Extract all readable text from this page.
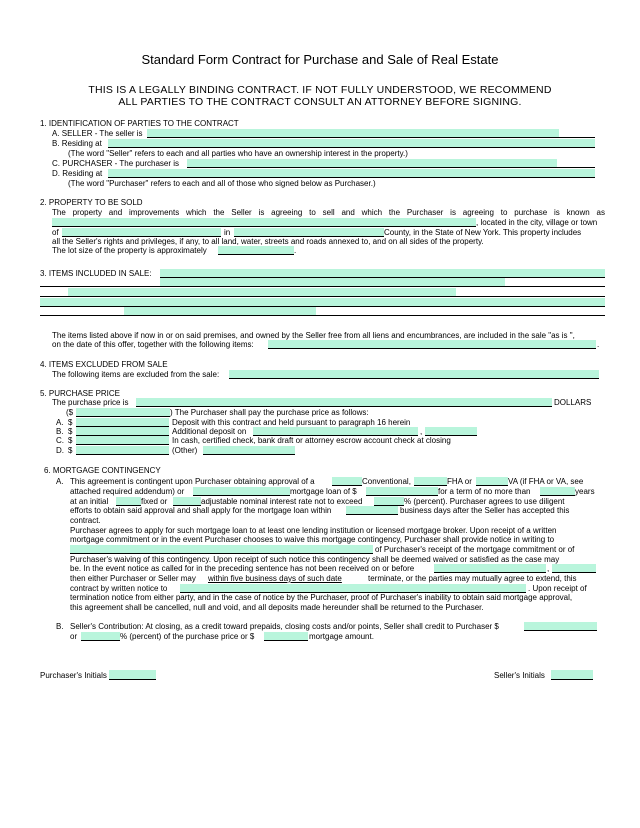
Standard Form Contract for Purchase and Sale of Real Estate
THIS IS A LEGALLY BINDING CONTRACT. IF NOT FULLY UNDERSTOOD, WE RECOMMEND
ALL PARTIES TO THE CONTRACT CONSULT AN ATTORNEY BEFORE SIGNING.
1. IDENTIFICATION OF PARTIES TO THE CONTRACT
A. SELLER - The seller is
B. Residing at
(The word "Seller" refers to each and all parties who have an ownership interest in the property.)
C. PURCHASER - The purchaser is
D. Residing at
(The word "Purchaser" refers to each and all of those who signed below as Purchaser.)
2. PROPERTY TO BE SOLD
The property and improvements which the Seller is agreeing to sell and which the Purchaser is agreeing to purchase is known as
, located in the city, village or town
of	in	County, in the State of New York. This property includes
all the Seller's rights and privileges, if any, to all land, water, streets and roads annexed to, and on all sides of the property.
The lot size of the property is approximately	.
3. ITEMS INCLUDED IN SALE:
The items listed above if now in or on said premises, and owned by the Seller free from all liens and encumbrances, are included in the sale "as is ",
on the date of this offer, together with the following items:	.
4. ITEMS EXCLUDED FROM SALE
The following items are excluded from the sale:
5. PURCHASE PRICE
The purchase price is	DOLLARS
($	) The Purchaser shall pay the purchase price as follows:
A. $	Deposit with this contract and held pursuant to paragraph 16 herein
B. $	Additional deposit on	,
C. $	In cash, certified check, bank draft or attorney escrow account check at closing
D. $	(Other)
6. MORTGAGE CONTINGENCY
A. This agreement is contingent upon Purchaser obtaining approval of a	Conventional,	FHA or	VA (if FHA or VA, see
attached required addendum) or	mortgage loan of $	for a term of no more than	years
at an initial	fixed or	adjustable nominal interest rate not to exceed	% (percent). Purchaser agrees to use diligent
efforts to obtain said approval and shall apply for the mortgage loan within	business days after the Seller has accepted this
contract.
Purchaser agrees to apply for such mortgage loan to at least one lending institution or licensed mortgage broker. Upon receipt of a written
mortgage commitment or in the event Purchaser chooses to waive this mortgage contingency, Purchaser shall provide notice in writing to
of Purchaser's receipt of the mortgage commitment or of
Purchaser's waiving of this contingency. Upon receipt of such notice this contingency shall be deemed waived or satisfied as the case may
be. In the event notice as called for in the preceding sentence has not been received on or before	,
then either Purchaser or Seller may within five business days of such date	terminate, or the parties may mutually agree to extend, this
contract by written notice to	. Upon receipt of
termination notice from either party, and in the case of notice by the Purchaser, proof of Purchaser's inability to obtain said mortgage approval,
this agreement shall be cancelled, null and void, and all deposits made hereunder shall be returned to the Purchaser.
B. Seller's Contribution: At closing, as a credit toward prepaids, closing costs and/or points, Seller shall credit to Purchaser $
or	% (percent) of the purchase price or $	mortgage amount.
Purchaser's Initials	Seller's Initials
